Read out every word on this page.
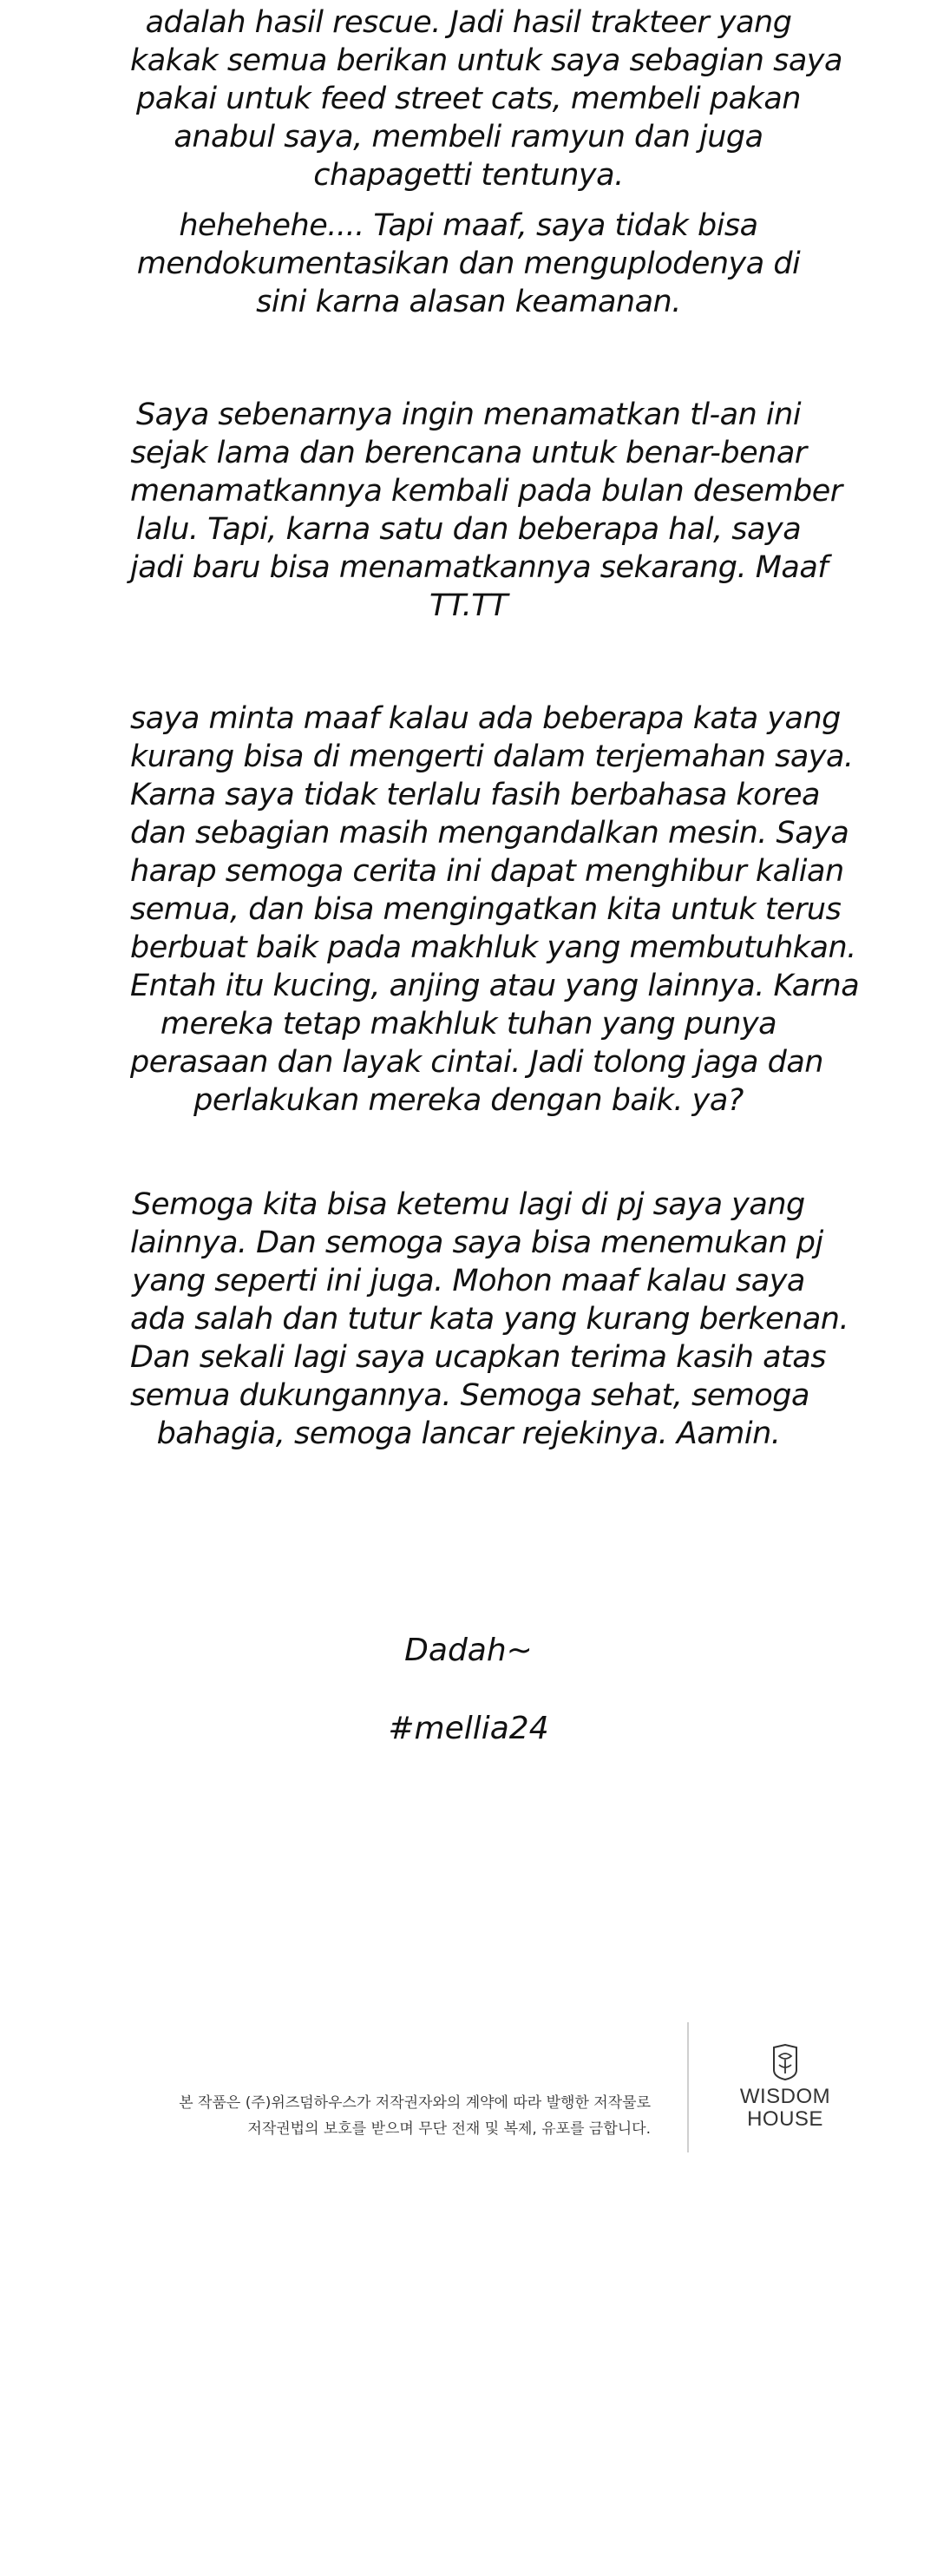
adalah hasil rescue. Jadi hasil trakteer yang
kakak semua berikan untuk saya sebagian saya
pakai untuk feed street cats, membeli pakan
anabul saya, membeli ramyun dan juga
chapagetti tentunya.
hehehehe.... Tapi maaf, saya tidak bisa
mendokumentasikan dan menguplodenya di
sini karna alasan keamanan.
Saya sebenarnya ingin menamatkan tl-an ini
sejak lama dan berencana untuk benar-benar
menamatkannya kembali pada bulan desember
lalu. Tapi, karna satu dan beberapa hal, saya
jadi baru bisa menamatkannya sekarang. Maaf
TT.TT
saya minta maaf kalau ada beberapa kata yang
kurang bisa di mengerti dalam terjemahan saya.
Karna saya tidak terlalu fasih berbahasa korea
dan sebagian masih mengandalkan mesin. Saya
harap semoga cerita ini dapat menghibur kalian
semua, dan bisa mengingatkan kita untuk terus
berbuat baik pada makhluk yang membutuhkan.
Entah itu kucing, anjing atau yang lainnya. Karna
mereka tetap makhluk tuhan yang punya
perasaan dan layak cintai. Jadi tolong jaga dan
perlakukan mereka dengan baik. ya?
Semoga kita bisa ketemu lagi di pj saya yang
lainnya. Dan semoga saya bisa menemukan pj
yang seperti ini juga. Mohon maaf kalau saya
ada salah dan tutur kata yang kurang berkenan.
Dan sekali lagi saya ucapkan terima kasih atas
semua dukungannya. Semoga sehat, semoga
bahagia, semoga lancar rejekinya. Aamin.
Dadah~
#mellia24
본 작품은 (주)위즈덤하우스가 저작권자와의 계약에 따라 발행한 저작물로
저작권법의 보호를 받으며 무단 전재 및 복제, 유포를 금합니다.
WISDOM
HOUSE
